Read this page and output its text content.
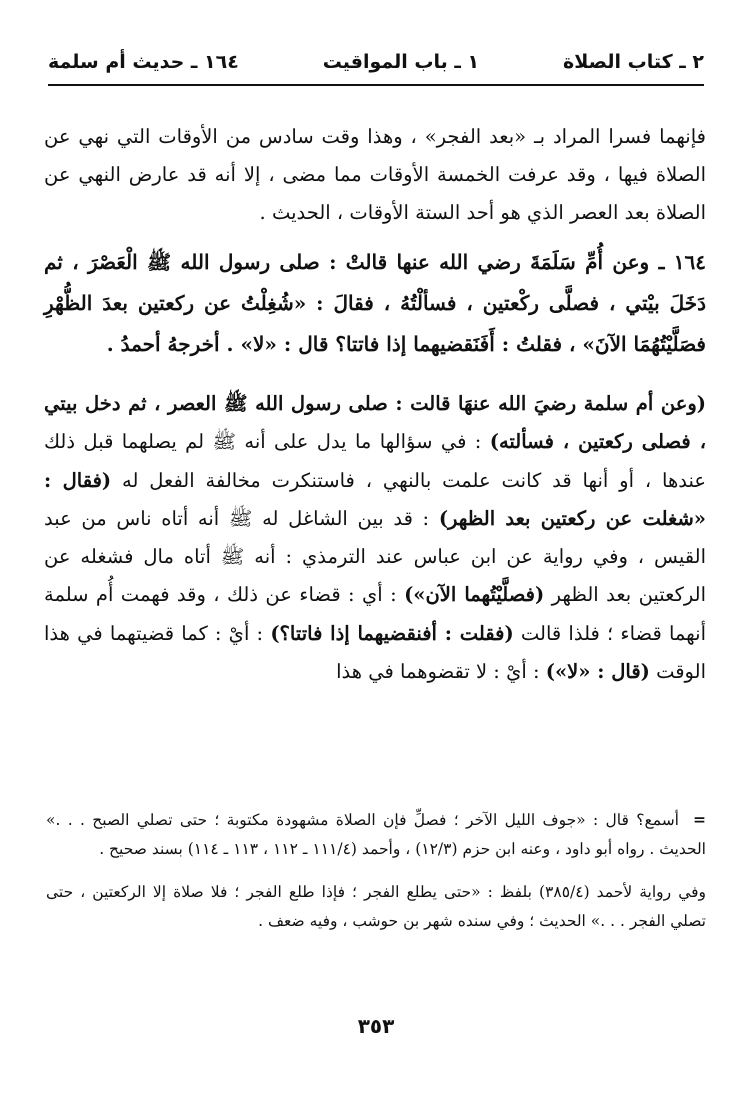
٢ ـ كتاب الصلاة
١ ـ باب المواقيت
١٦٤ ـ حديث أم سلمة

فإنهما فسرا المراد بـ «بعد الفجر» ، وهذا وقت سادس من الأوقات التي نهي عن الصلاة فيها ، وقد عرفت الخمسة الأوقات مما مضى ، إلا أنه قد عارض النهي عن الصلاة بعد العصر الذي هو أحد الستة الأوقات ، الحديث .

١٦٤ ـ وعن أُمِّ سَلَمَةَ رضي الله عنها قالتْ : صلى رسول الله ﷺ الْعَصْرَ ، ثم دَخَلَ بيْتي ، فصلَّى ركْعتين ، فسألْتُهُ ، فقالَ : «شُغِلْتُ عن ركعتين بعدَ الظُّهْرِ فصَلَّيْتُهُمَا الآنَ» ، فقلتُ : أَفَنَقضيهما إذا فاتتا؟ قال : «لا» . أخرجهُ أحمدُ .

(وعن أم سلمة رضيَ الله عنهَا قالت : صلى رسول الله ﷺ العصر ، ثم دخل بيتي ، فصلى ركعتين ، فسألته) : في سؤالها ما يدل على أنه ﷺ لم يصلهما قبل ذلك عندها ، أو أنها قد كانت علمت بالنهي ، فاستنكرت مخالفة الفعل له (فقال : «شغلت عن ركعتين بعد الظهر) : قد بين الشاغل له ﷺ أنه أتاه ناس من عبد القيس ، وفي رواية عن ابن عباس عند الترمذي : أنه ﷺ أتاه مال فشغله عن الركعتين بعد الظهر (فصلَّيْتُهما الآن») : أي : قضاء عن ذلك ، وقد فهمت أُم سلمة أنهما قضاء ؛ فلذا قالت (فقلت : أفنقضيهما إذا فاتتا؟) : أيْ : كما قضيتهما في هذا الوقت (قال : «لا») : أيْ : لا تقضوهما في هذا

=أسمع؟ قال : «جوف الليل الآخر ؛ فصلِّ فإن الصلاة مشهودة مكتوبة ؛ حتى تصلي الصبح . . .» الحديث . رواه أبو داود ، وعنه ابن حزم (١٢/٣) ، وأحمد (١١١/٤ ـ ١١٢ ، ١١٣ ـ ١١٤) بسند صحيح .

وفي رواية لأحمد (٣٨٥/٤) بلفظ : «حتى يطلع الفجر ؛ فإذا طلع الفجر ؛ فلا صلاة إلا الركعتين ، حتى تصلي الفجر . . .» الحديث ؛ وفي سنده شهر بن حوشب ، وفيه ضعف .

٣٥٣
